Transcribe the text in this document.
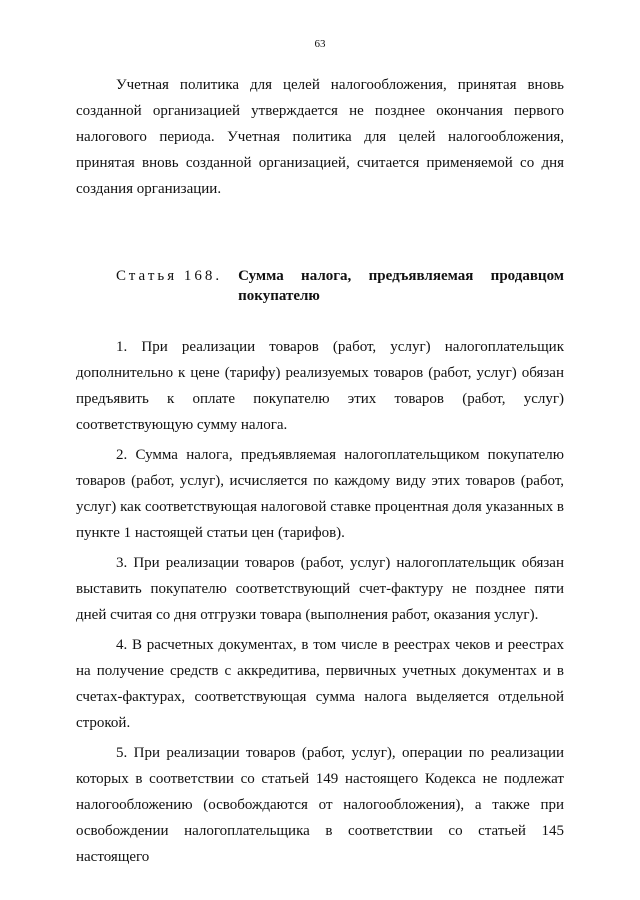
63

Учетная политика для целей налогообложения, принятая вновь созданной организацией утверждается не позднее окончания первого налогового периода. Учетная политика для целей налогообложения, принятая вновь созданной организацией, считается применяемой со дня создания организации.

Статья 168. Сумма налога, предъявляемая продавцом покупателю

1. При реализации товаров (работ, услуг) налогоплательщик дополнительно к цене (тарифу) реализуемых товаров (работ, услуг) обязан предъявить к оплате покупателю этих товаров (работ, услуг) соответствующую сумму налога.

2. Сумма налога, предъявляемая налогоплательщиком покупателю товаров (работ, услуг), исчисляется по каждому виду этих товаров (работ, услуг) как соответствующая налоговой ставке процентная доля указанных в пункте 1 настоящей статьи цен (тарифов).

3. При реализации товаров (работ, услуг) налогоплательщик обязан выставить покупателю соответствующий счет-фактуру не позднее пяти дней считая со дня отгрузки товара (выполнения работ, оказания услуг).

4. В расчетных документах, в том числе в реестрах чеков и реестрах на получение средств с аккредитива, первичных учетных документах и в счетах-фактурах, соответствующая сумма налога выделяется отдельной строкой.

5. При реализации товаров (работ, услуг), операции по реализации которых в соответствии со статьей 149 настоящего Кодекса не подлежат налогообложению (освобождаются от налогообложения), а также при освобождении налогоплательщика в соответствии со статьей 145 настоящего
